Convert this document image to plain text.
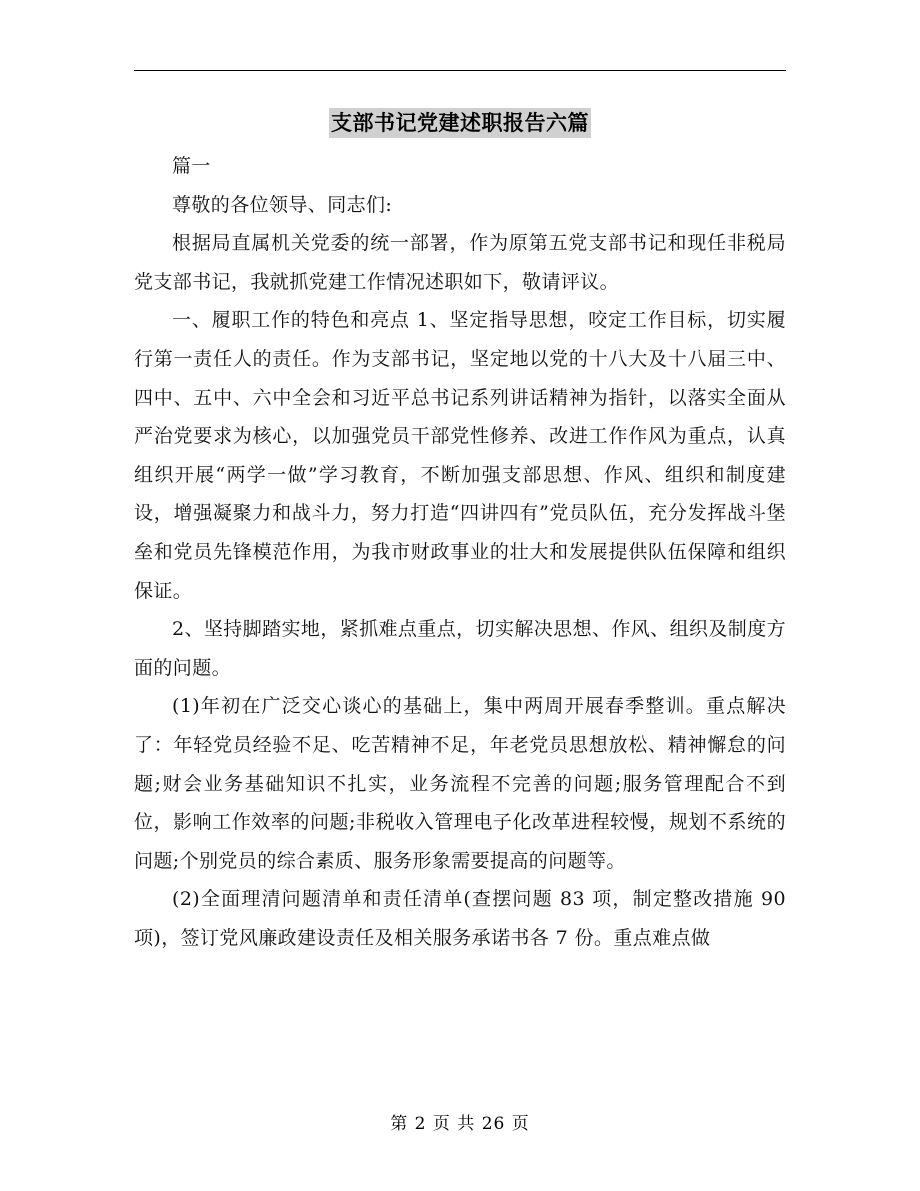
支部书记党建述职报告六篇

篇一

尊敬的各位领导、同志们:

根据局直属机关党委的统一部署，作为原第五党支部书记和现任非税局党支部书记，我就抓党建工作情况述职如下，敬请评议。

一、履职工作的特色和亮点 1、坚定指导思想，咬定工作目标，切实履行第一责任人的责任。作为支部书记，坚定地以党的十八大及十八届三中、四中、五中、六中全会和习近平总书记系列讲话精神为指针，以落实全面从严治党要求为核心，以加强党员干部党性修养、改进工作作风为重点，认真组织开展“两学一做”学习教育，不断加强支部思想、作风、组织和制度建设，增强凝聚力和战斗力，努力打造“四讲四有”党员队伍，充分发挥战斗堡垒和党员先锋模范作用，为我市财政事业的壮大和发展提供队伍保障和组织保证。

2、坚持脚踏实地，紧抓难点重点，切实解决思想、作风、组织及制度方面的问题。

(1)年初在广泛交心谈心的基础上，集中两周开展春季整训。重点解决了：年轻党员经验不足、吃苦精神不足，年老党员思想放松、精神懈怠的问题;财会业务基础知识不扎实，业务流程不完善的问题;服务管理配合不到位，影响工作效率的问题;非税收入管理电子化改革进程较慢，规划不系统的问题;个别党员的综合素质、服务形象需要提高的问题等。

(2)全面理清问题清单和责任清单(查摆问题 83 项，制定整改措施 90 项)，签订党风廉政建设责任及相关服务承诺书各 7 份。重点难点做

第 2 页 共 26 页
